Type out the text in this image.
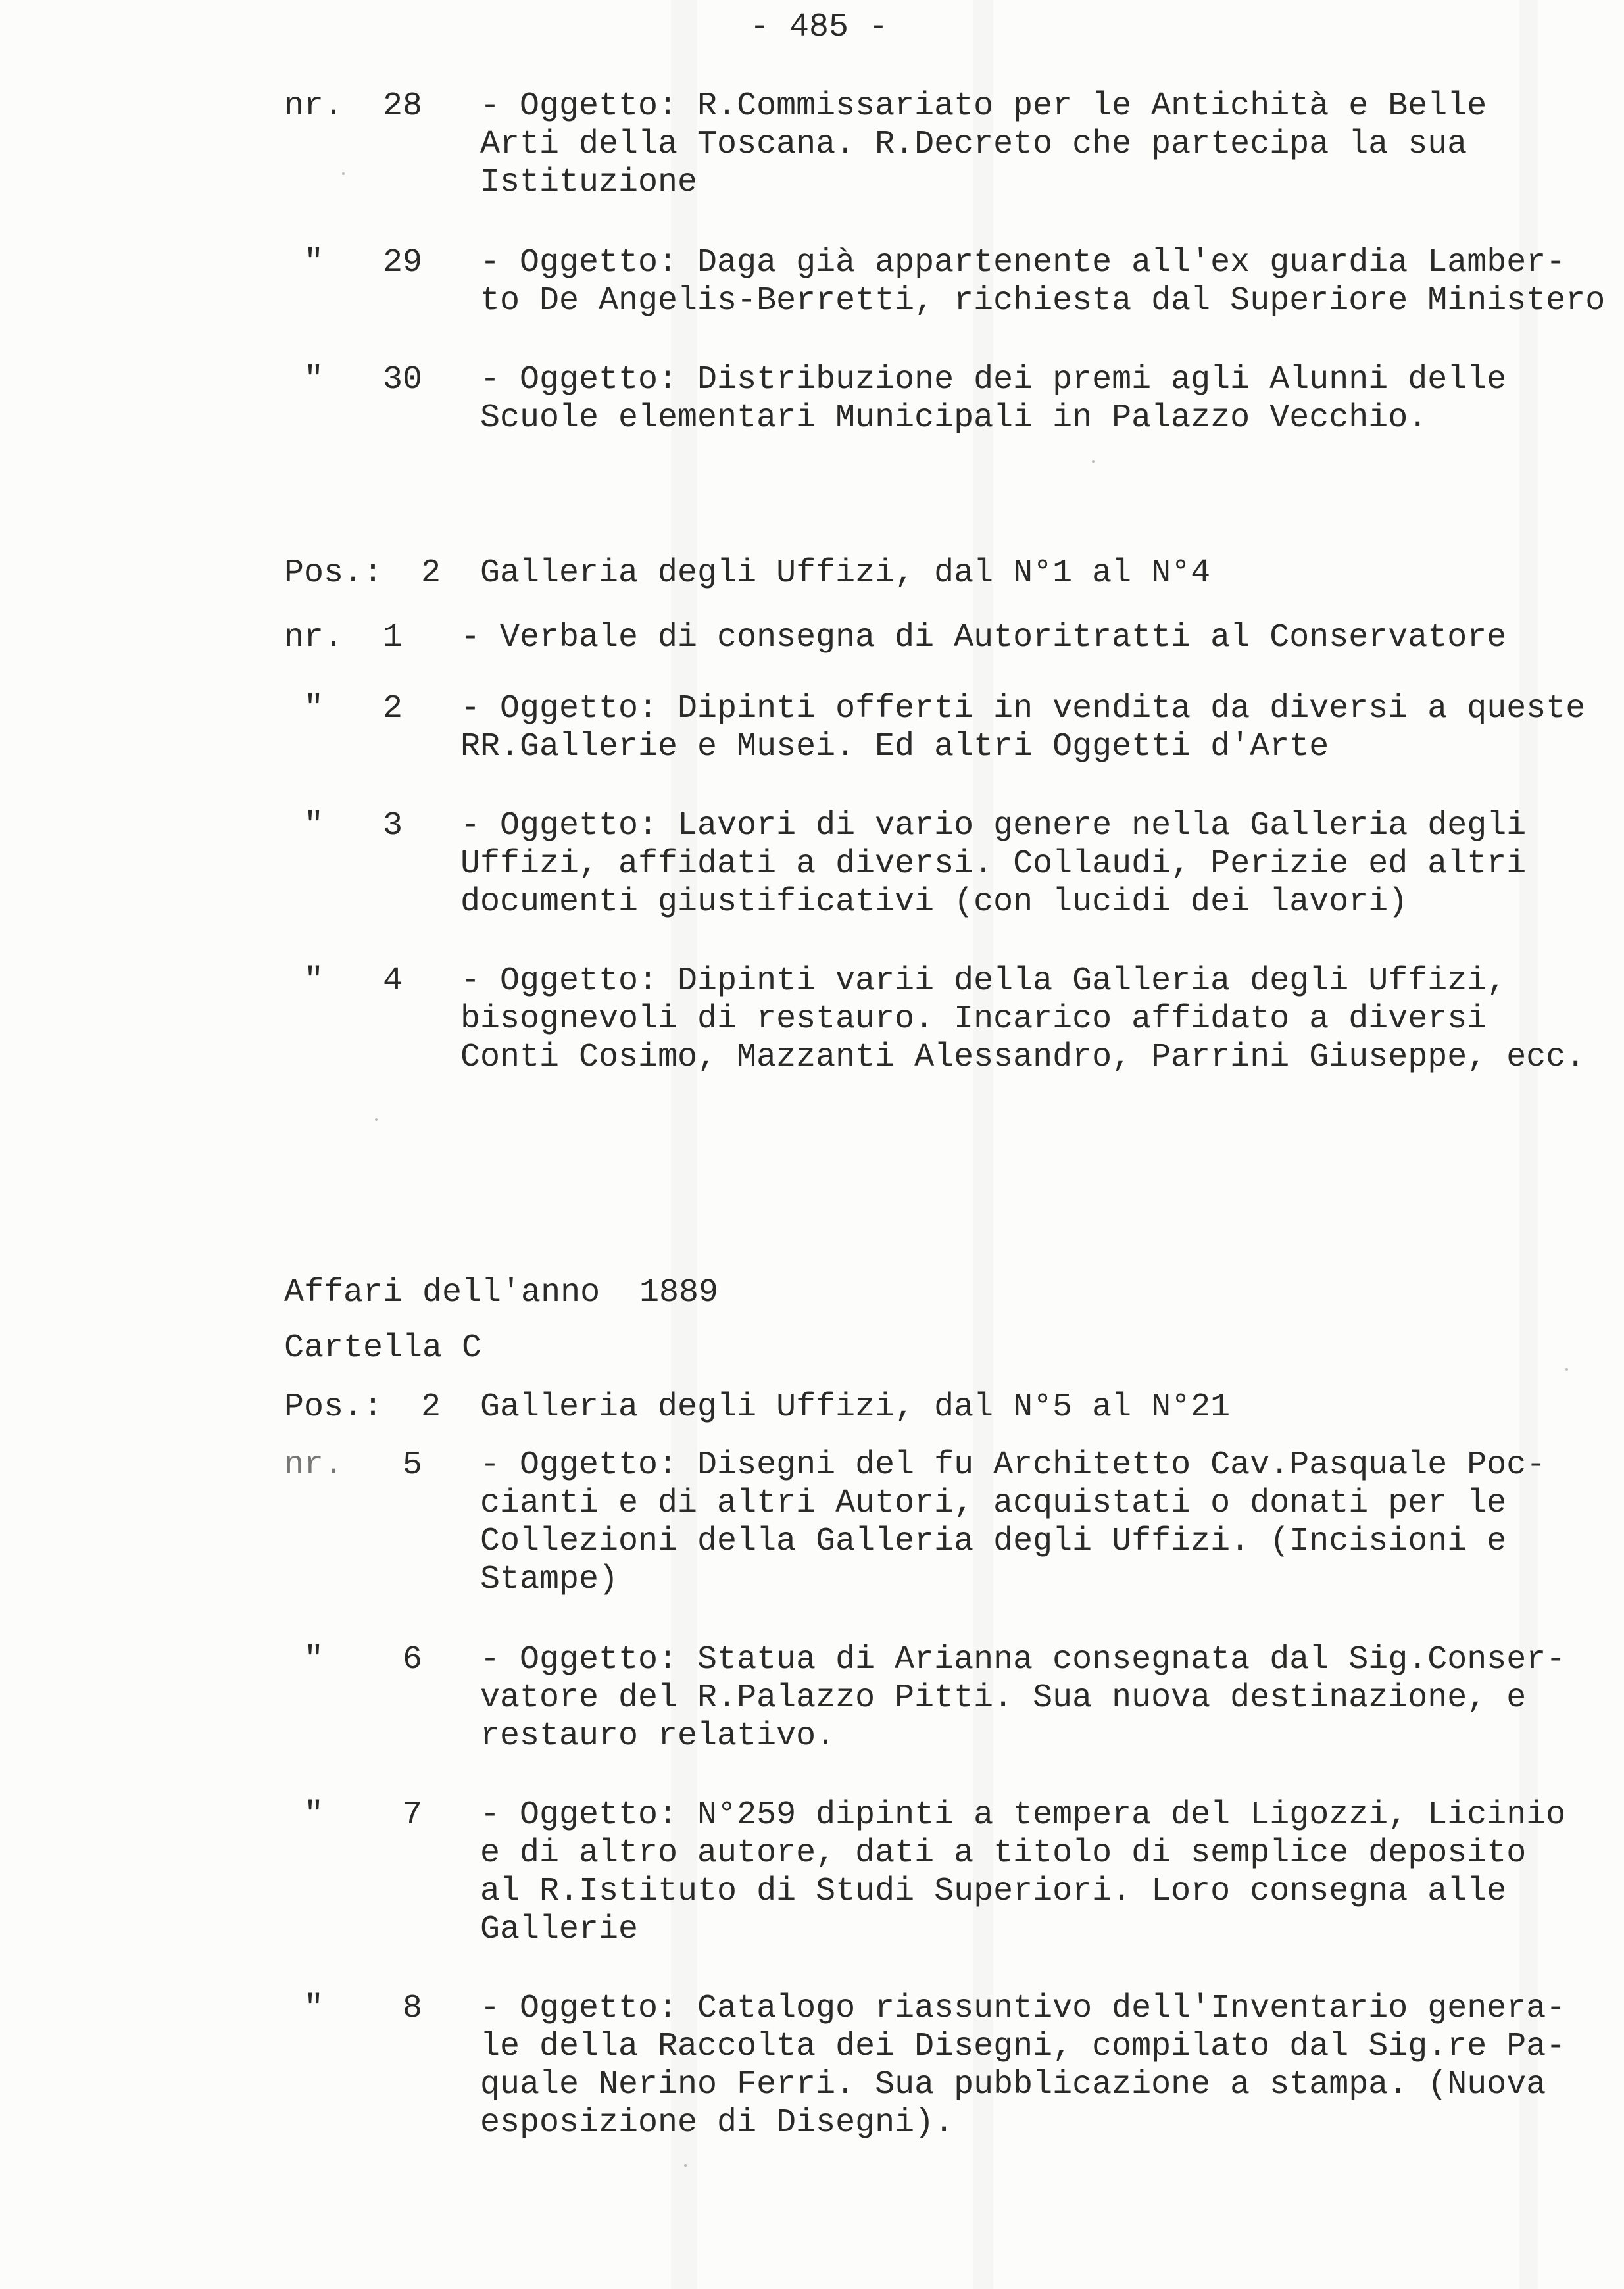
- 485 -
nr. 28 - Oggetto: R.Commissariato per le Antichità e Belle
Arti della Toscana. R.Decreto che partecipa la sua
Istituzione
" 29 - Oggetto: Daga già appartenente all'ex guardia Lamber-
to De Angelis-Berretti, richiesta dal Superiore Ministero
" 30 - Oggetto: Distribuzione dei premi agli Alunni delle
Scuole elementari Municipali in Palazzo Vecchio.
Pos.: 2 Galleria degli Uffizi, dal N°1 al N°4
nr. 1 - Verbale di consegna di Autoritratti al Conservatore
" 2 - Oggetto: Dipinti offerti in vendita da diversi a queste
RR.Gallerie e Musei. Ed altri Oggetti d'Arte
" 3 - Oggetto: Lavori di vario genere nella Galleria degli
Uffizi, affidati a diversi. Collaudi, Perizie ed altri
documenti giustificativi (con lucidi dei lavori)
" 4 - Oggetto: Dipinti varii della Galleria degli Uffizi,
bisognevoli di restauro. Incarico affidato a diversi
Conti Cosimo, Mazzanti Alessandro, Parrini Giuseppe, ecc.
Affari dell'anno 1889
Cartella C
Pos.: 2 Galleria degli Uffizi, dal N°5 al N°21
nr. 5 - Oggetto: Disegni del fu Architetto Cav.Pasquale Poc-
cianti e di altri Autori, acquistati o donati per le
Collezioni della Galleria degli Uffizi. (Incisioni e
Stampe)
" 6 - Oggetto: Statua di Arianna consegnata dal Sig.Conser-
vatore del R.Palazzo Pitti. Sua nuova destinazione, e
restauro relativo.
" 7 - Oggetto: N°259 dipinti a tempera del Ligozzi, Licinio
e di altro autore, dati a titolo di semplice deposito
al R.Istituto di Studi Superiori. Loro consegna alle
Gallerie
" 8 - Oggetto: Catalogo riassuntivo dell'Inventario genera-
le della Raccolta dei Disegni, compilato dal Sig.re Pa-
quale Nerino Ferri. Sua pubblicazione a stampa. (Nuova
esposizione di Disegni).
